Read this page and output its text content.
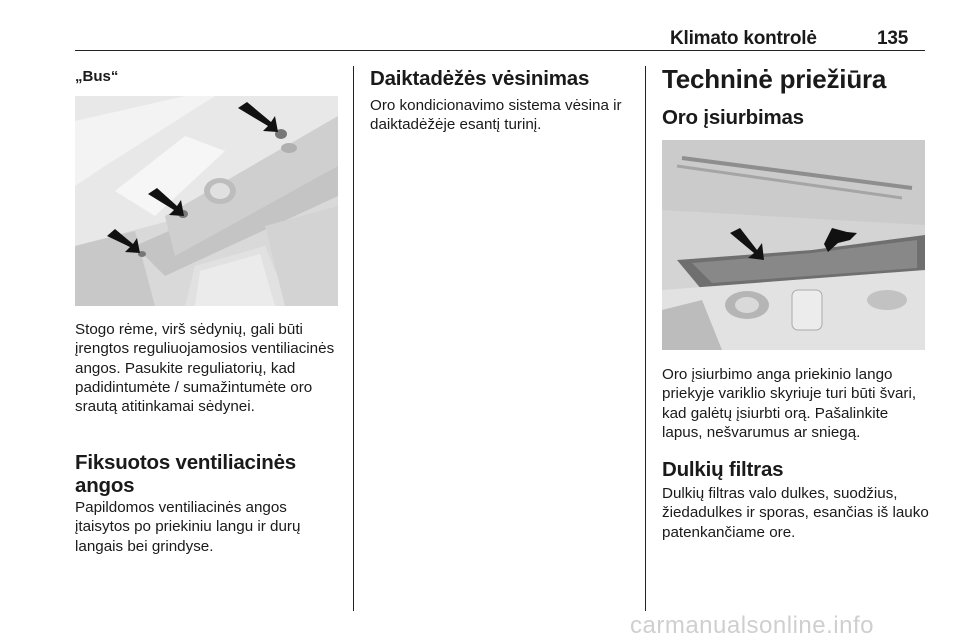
Klimato kontrolė	135

„Bus“

Stogo rėme, virš sėdynių, gali būti įrengtos reguliuojamosios ventiliacinės angos. Pasukite reguliatorių, kad padidintumėte / sumažintumėte oro srautą atitinkamai sėdynei.

Fiksuotos ventiliacinės angos

Papildomos ventiliacinės angos įtaisytos po priekiniu langu ir durų langais bei grindyse.

Daiktadėžės vėsinimas

Oro kondicionavimo sistema vėsina ir daiktadėžėje esantį turinį.

Techninė priežiūra

Oro įsiurbimas

Oro įsiurbimo anga priekinio lango priekyje variklio skyriuje turi būti švari, kad galėtų įsiurbti orą. Pašalinkite lapus, nešvarumus ar sniegą.

Dulkių filtras

Dulkių filtras valo dulkes, suodžius, žiedadulkes ir sporas, esančias iš lauko patenkančiame ore.

carmanualsonline.info
